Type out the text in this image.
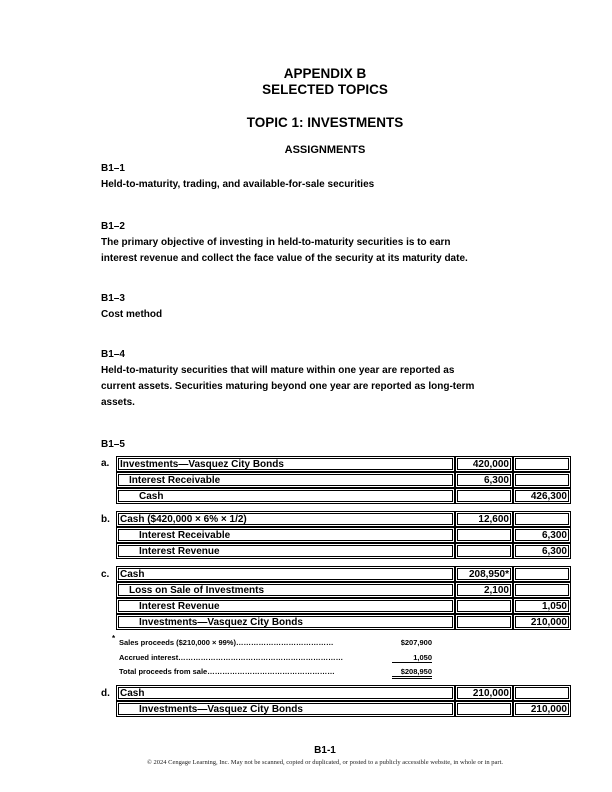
APPENDIX B
SELECTED TOPICS
TOPIC 1: INVESTMENTS
ASSIGNMENTS
B1–1
Held-to-maturity, trading, and available-for-sale securities
B1–2
The primary objective of investing in held-to-maturity securities is to earn
interest revenue and collect the face value of the security at its maturity date.
B1–3
Cost method
B1–4
Held-to-maturity securities that will mature within one year are reported as
current assets. Securities maturing beyond one year are reported as long-term
assets.
B1–5
a. Investments—Vasquez City Bonds	420,000	
Interest Receivable	6,300	
Cash		426,300
b. Cash ($420,000 × 6% × 1/2)	12,600	
Interest Receivable		6,300
Interest Revenue		6,300
c. Cash	208,950*	
Loss on Sale of Investments	2,100	
Interest Revenue		1,050
Investments—Vasquez City Bonds		210,000
* Sales proceeds ($210,000 × 99%)…………………………………	$207,900
Accrued interest…………………………………………………………	1,050
Total proceeds from sale……………………………………………	$208,950
d. Cash	210,000	
Investments—Vasquez City Bonds		210,000
B1-1
© 2024 Cengage Learning, Inc. May not be scanned, copied or duplicated, or posted to a publicly accessible website, in whole or in part.
